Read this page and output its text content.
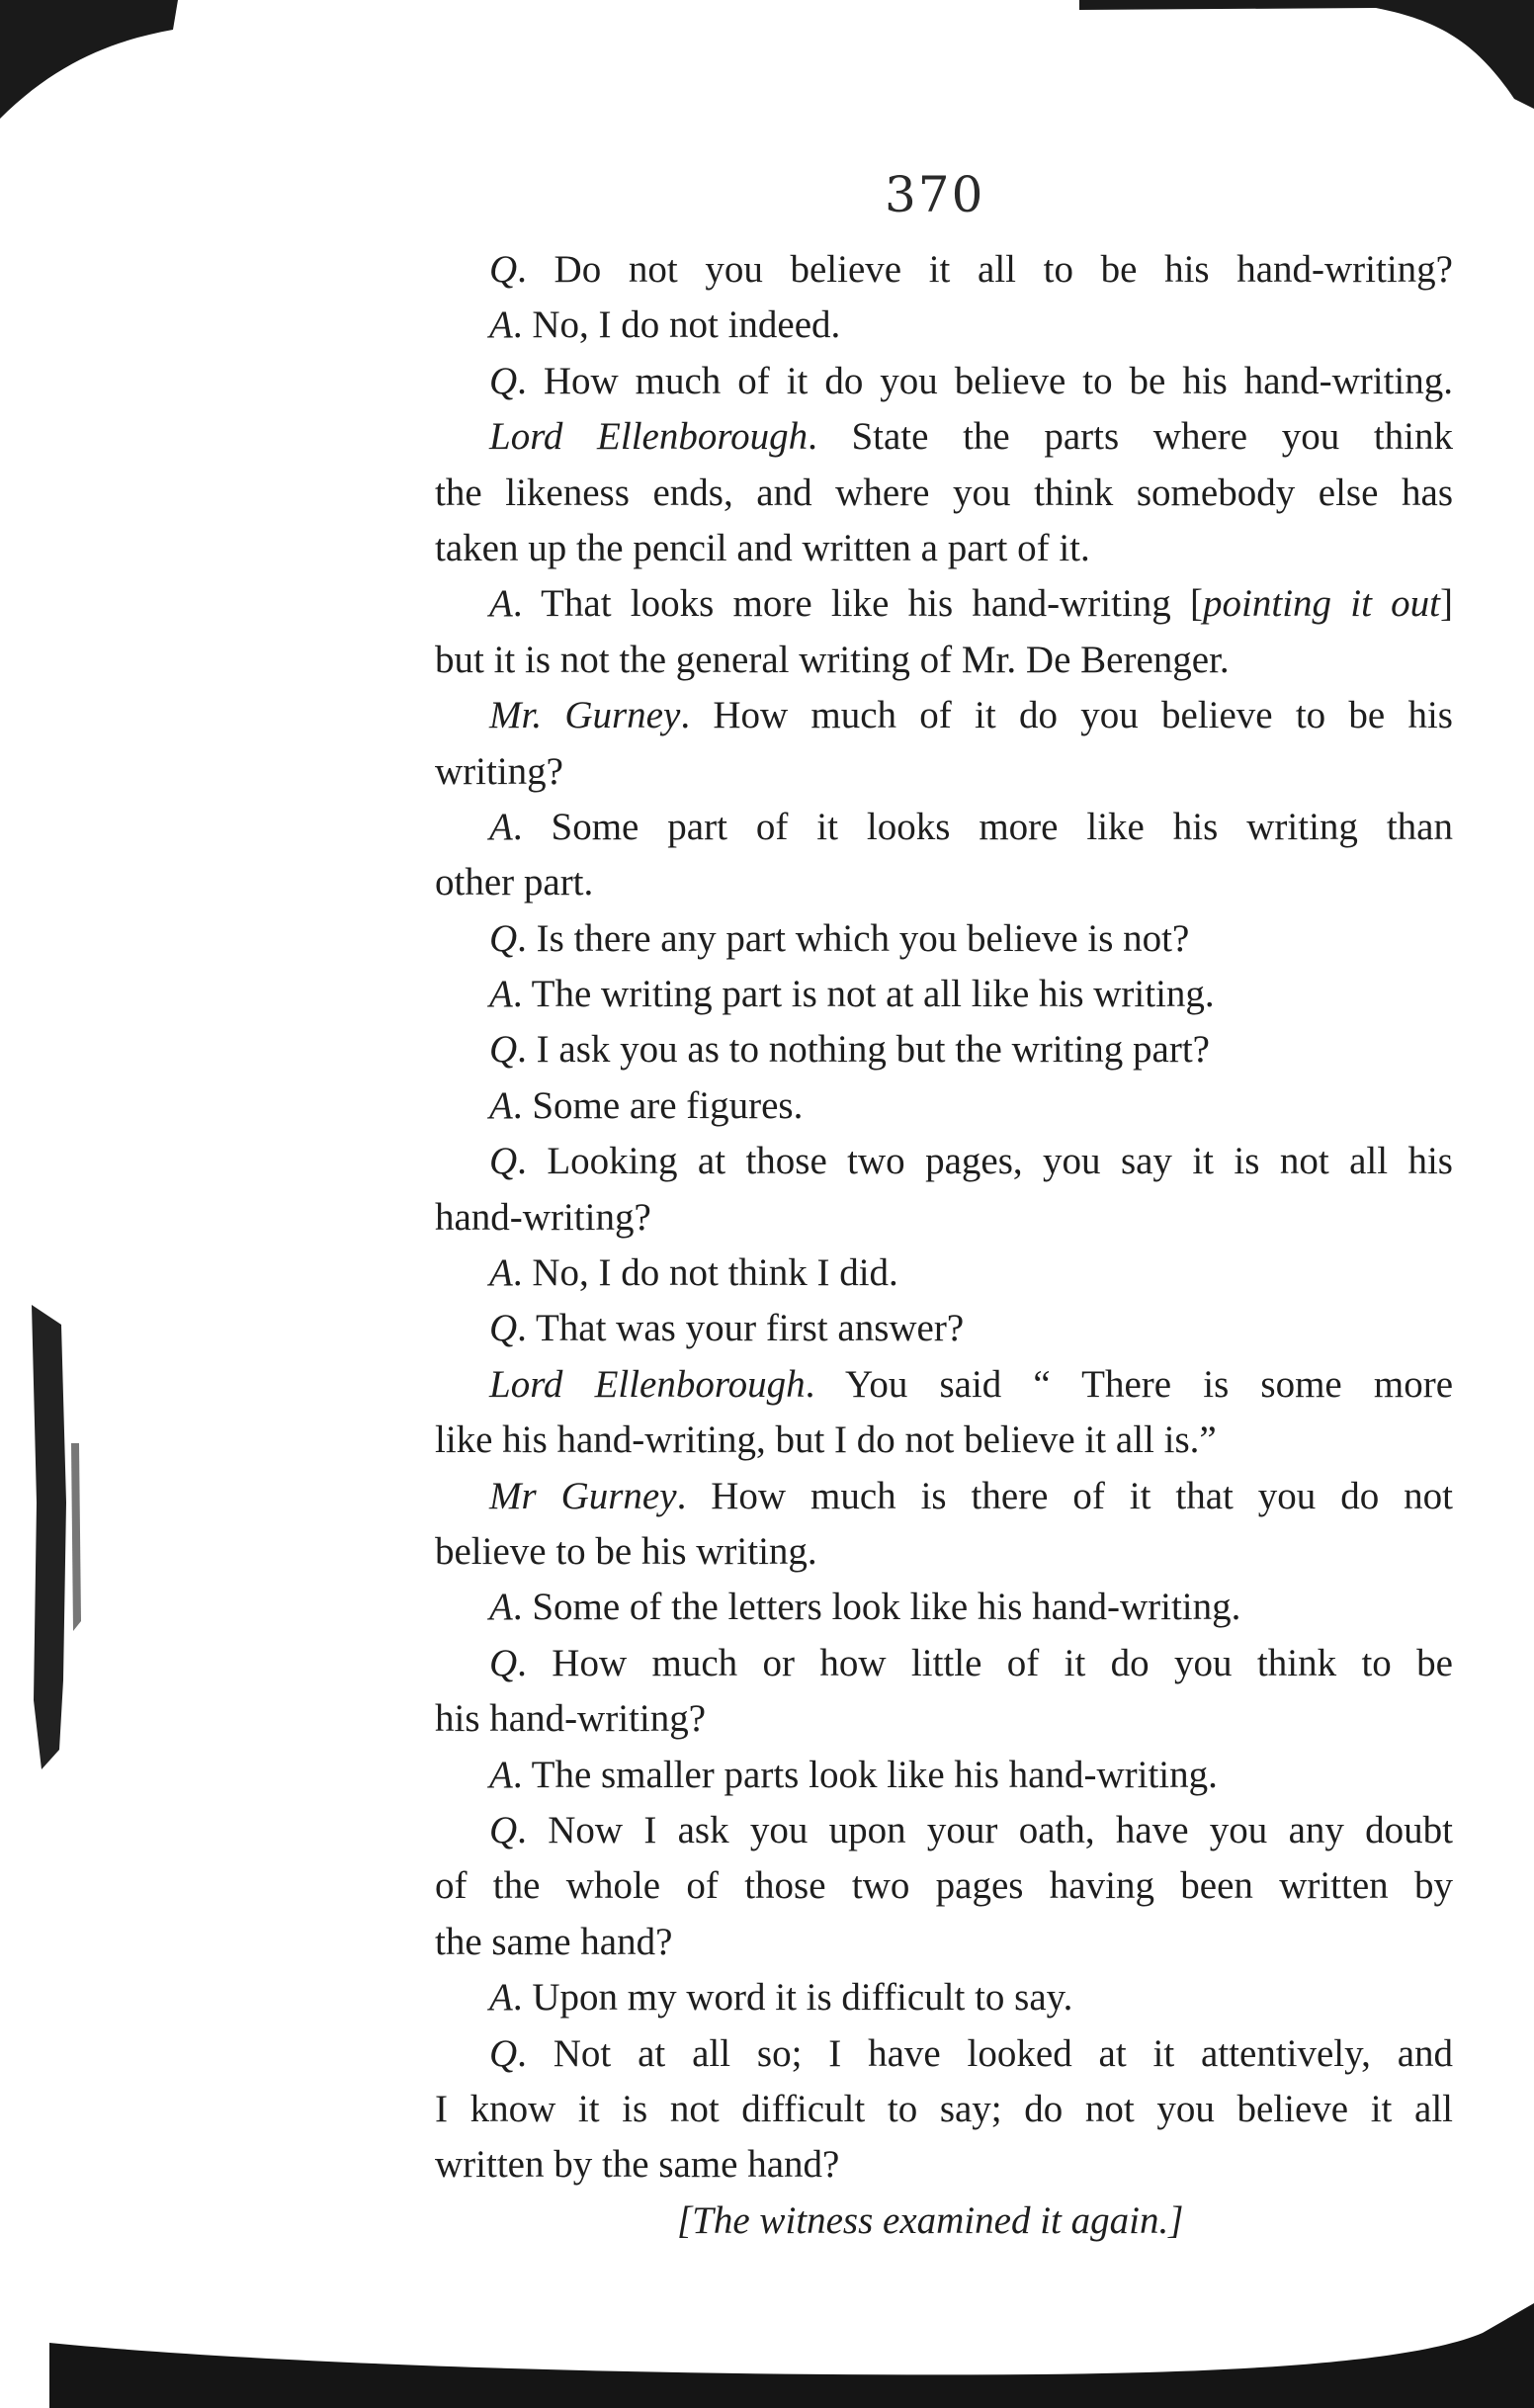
370
Q. Do not you believe it all to be his hand-writing?
A. No, I do not indeed.
Q. How much of it do you believe to be his hand-writing.
Lord Ellenborough. State the parts where you think
the likeness ends, and where you think somebody else has
taken up the pencil and written a part of it.
A. That looks more like his hand-writing [pointing it out]
but it is not the general writing of Mr. De Berenger.
Mr. Gurney. How much of it do you believe to be his
writing?
A. Some part of it looks more like his writing than
other part.
Q. Is there any part which you believe is not?
A. The writing part is not at all like his writing.
Q. I ask you as to nothing but the writing part?
A. Some are figures.
Q. Looking at those two pages, you say it is not all his
hand-writing?
A. No, I do not think I did.
Q. That was your first answer?
Lord Ellenborough. You said “ There is some more
like his hand-writing, but I do not believe it all is.”
Mr Gurney. How much is there of it that you do not
believe to be his writing.
A. Some of the letters look like his hand-writing.
Q. How much or how little of it do you think to be
his hand-writing?
A. The smaller parts look like his hand-writing.
Q. Now I ask you upon your oath, have you any doubt
of the whole of those two pages having been written by
the same hand?
A. Upon my word it is difficult to say.
Q. Not at all so; I have looked at it attentively, and
I know it is not difficult to say; do not you believe it all
written by the same hand?
[The witness examined it again.]
